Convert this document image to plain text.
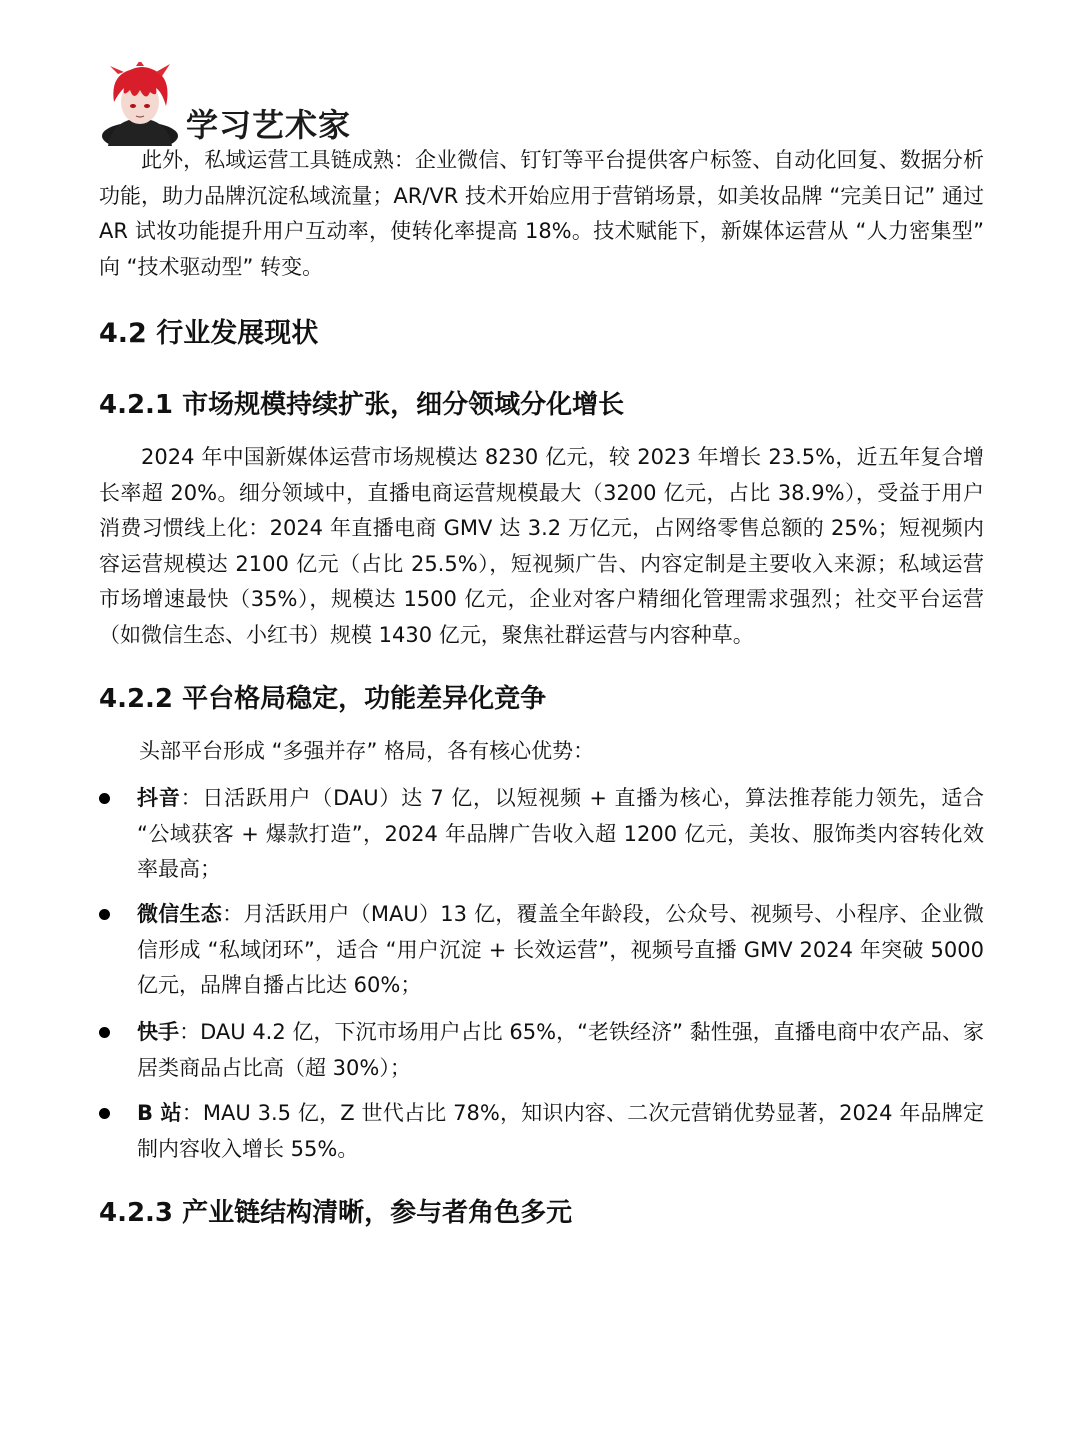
学习艺术家

此外，私域运营工具链成熟：企业微信、钉钉等平台提供客户标签、自动化回复、数据分析功能，助力品牌沉淀私域流量；AR/VR 技术开始应用于营销场景，如美妆品牌 “完美日记” 通过 AR 试妆功能提升用户互动率，使转化率提高 18%。技术赋能下，新媒体运营从 “人力密集型” 向 “技术驱动型” 转变。

4.2 行业发展现状
4.2.1 市场规模持续扩张，细分领域分化增长

2024 年中国新媒体运营市场规模达 8230 亿元，较 2023 年增长 23.5%，近五年复合增长率超 20%。细分领域中，直播电商运营规模最大（3200 亿元，占比 38.9%），受益于用户消费习惯线上化：2024 年直播电商 GMV 达 3.2 万亿元，占网络零售总额的 25%；短视频内容运营规模达 2100 亿元（占比 25.5%），短视频广告、内容定制是主要收入来源；私域运营市场增速最快（35%），规模达 1500 亿元，企业对客户精细化管理需求强烈；社交平台运营（如微信生态、小红书）规模 1430 亿元，聚焦社群运营与内容种草。

4.2.2 平台格局稳定，功能差异化竞争

头部平台形成 “多强并存” 格局，各有核心优势：

抖音：日活跃用户（DAU）达 7 亿，以短视频 + 直播为核心，算法推荐能力领先，适合 “公域获客 + 爆款打造”，2024 年品牌广告收入超 1200 亿元，美妆、服饰类内容转化效率最高；
微信生态：月活跃用户（MAU）13 亿，覆盖全年龄段，公众号、视频号、小程序、企业微信形成 “私域闭环”，适合 “用户沉淀 + 长效运营”，视频号直播 GMV 2024 年突破 5000 亿元，品牌自播占比达 60%；
快手：DAU 4.2 亿，下沉市场用户占比 65%，“老铁经济” 黏性强，直播电商中农产品、家居类商品占比高（超 30%）；
B 站：MAU 3.5 亿，Z 世代占比 78%，知识内容、二次元营销优势显著，2024 年品牌定制内容收入增长 55%。
4.2.3 产业链结构清晰，参与者角色多元
